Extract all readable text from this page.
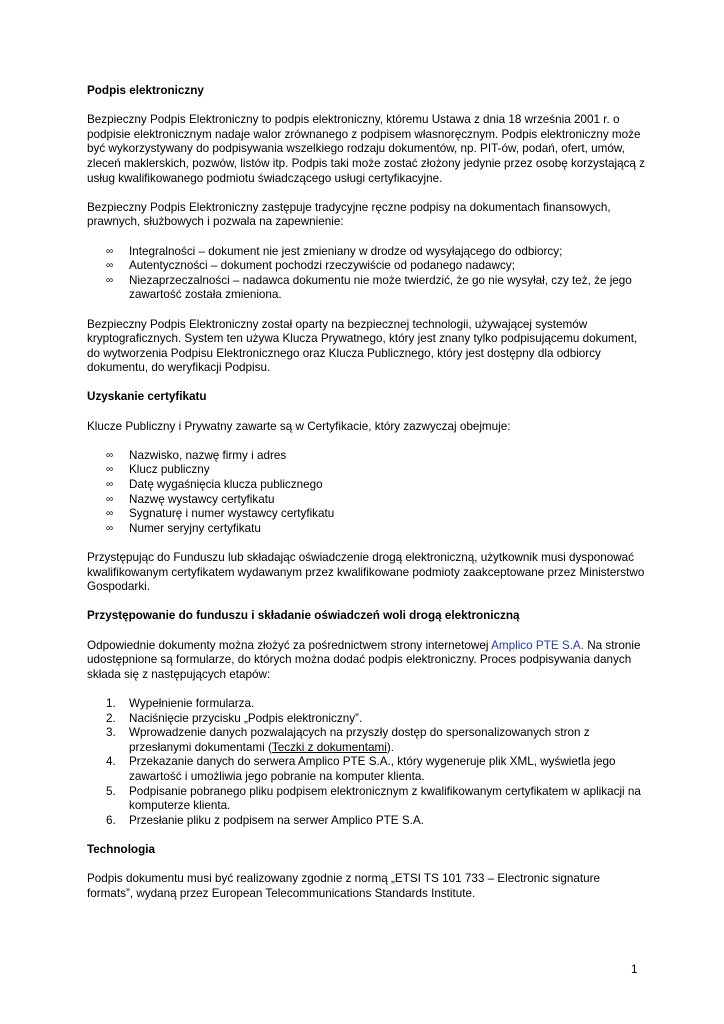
Podpis elektroniczny

Bezpieczny Podpis Elektroniczny to podpis elektroniczny, któremu Ustawa z dnia 18 września 2001 r. o podpisie elektronicznym nadaje walor zrównanego z podpisem własnoręcznym. Podpis elektroniczny może być wykorzystywany do podpisywania wszelkiego rodzaju dokumentów, np. PIT-ów, podań, ofert, umów, zleceń maklerskich, pozwów, listów itp. Podpis taki może zostać złożony jedynie przez osobę korzystającą z usług kwalifikowanego podmiotu świadczącego usługi certyfikacyjne.

Bezpieczny Podpis Elektroniczny zastępuje tradycyjne ręczne podpisy na dokumentach finansowych, prawnych, służbowych i pozwala na zapewnienie:

∞ Integralności – dokument nie jest zmieniany w drodze od wysyłającego do odbiorcy;
∞ Autentyczności – dokument pochodzi rzeczywiście od podanego nadawcy;
∞ Niezaprzeczalności – nadawca dokumentu nie może twierdzić, że go nie wysyłał, czy też, że jego zawartość została zmieniona.

Bezpieczny Podpis Elektroniczny został oparty na bezpiecznej technologii, używającej systemów kryptograficznych. System ten używa Klucza Prywatnego, który jest znany tylko podpisującemu dokument, do wytworzenia Podpisu Elektronicznego oraz Klucza Publicznego, który jest dostępny dla odbiorcy dokumentu, do weryfikacji Podpisu.

Uzyskanie certyfikatu

Klucze Publiczny i Prywatny zawarte są w Certyfikacie, który zazwyczaj obejmuje:

∞ Nazwisko, nazwę firmy i adres
∞ Klucz publiczny
∞ Datę wygaśnięcia klucza publicznego
∞ Nazwę wystawcy certyfikatu
∞ Sygnaturę i numer wystawcy certyfikatu
∞ Numer seryjny certyfikatu

Przystępując do Funduszu lub składając oświadczenie drogą elektroniczną, użytkownik musi dysponować kwalifikowanym certyfikatem wydawanym przez kwalifikowane podmioty zaakceptowane przez Ministerstwo Gospodarki.

Przystępowanie do funduszu i składanie oświadczeń woli drogą elektroniczną

Odpowiednie dokumenty można złożyć za pośrednictwem strony internetowej Amplico PTE S.A. Na stronie udostępnione są formularze, do których można dodać podpis elektroniczny. Proces podpisywania danych składa się z następujących etapów:

1. Wypełnienie formularza.
2. Naciśnięcie przycisku „Podpis elektroniczny”.
3. Wprowadzenie danych pozwalających na przyszły dostęp do spersonalizowanych stron z przesłanymi dokumentami (Teczki z dokumentami).
4. Przekazanie danych do serwera Amplico PTE S.A., który wygeneruje plik XML, wyświetla jego zawartość i umożliwia jego pobranie na komputer klienta.
5. Podpisanie pobranego pliku podpisem elektronicznym z kwalifikowanym certyfikatem w aplikacji na komputerze klienta.
6. Przesłanie pliku z podpisem na serwer Amplico PTE S.A.
Technologia

Podpis dokumentu musi być realizowany zgodnie z normą „ETSI TS 101 733 – Electronic signature formats”, wydaną przez European Telecommunications Standards Institute.

1
